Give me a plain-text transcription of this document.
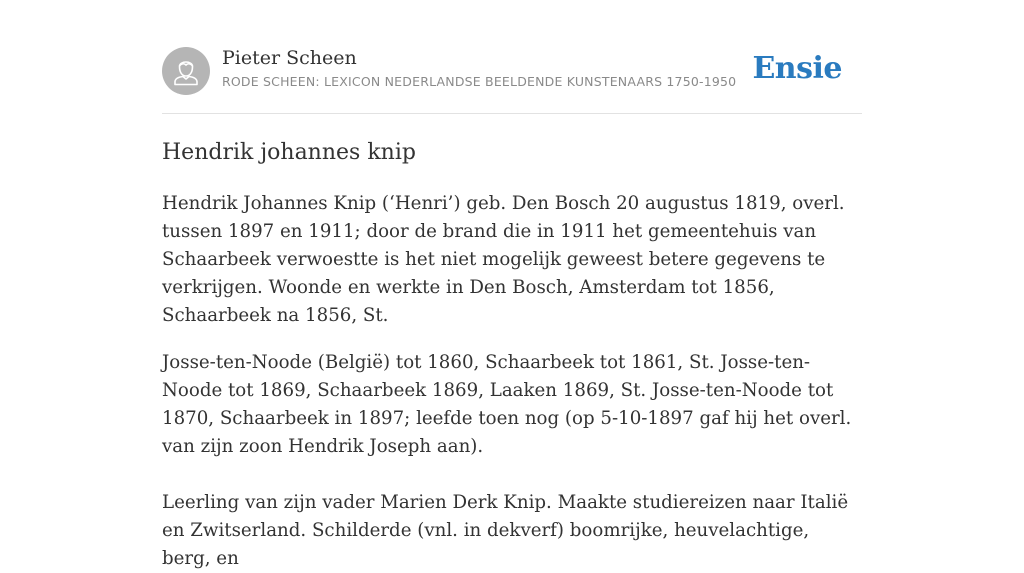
Pieter Scheen
RODE SCHEEN: LEXICON NEDERLANDSE BEELDENDE KUNSTENAARS 1750-1950 Ensie
Hendrik johannes knip

Hendrik Johannes Knip (‘Henri’) geb. Den Bosch 20 augustus 1819, overl. tussen 1897 en 1911; door de brand die in 1911 het gemeentehuis van Schaarbeek verwoestte is het niet mogelijk geweest betere gegevens te verkrijgen. Woonde en werkte in Den Bosch, Amsterdam tot 1856, Schaarbeek na 1856, St.

Josse-ten-Noode (België) tot 1860, Schaarbeek tot 1861, St. Josse-ten-Noode tot 1869, Schaarbeek 1869, Laaken 1869, St. Josse-ten-Noode tot 1870, Schaarbeek in 1897; leefde toen nog (op 5-10-1897 gaf hij het overl. van zijn zoon Hendrik Joseph aan).

Leerling van zijn vader Marien Derk Knip. Maakte studiereizen naar Italië en Zwitserland. Schilderde (vnl. in dekverf) boomrijke, heuvelachtige, berg, en
